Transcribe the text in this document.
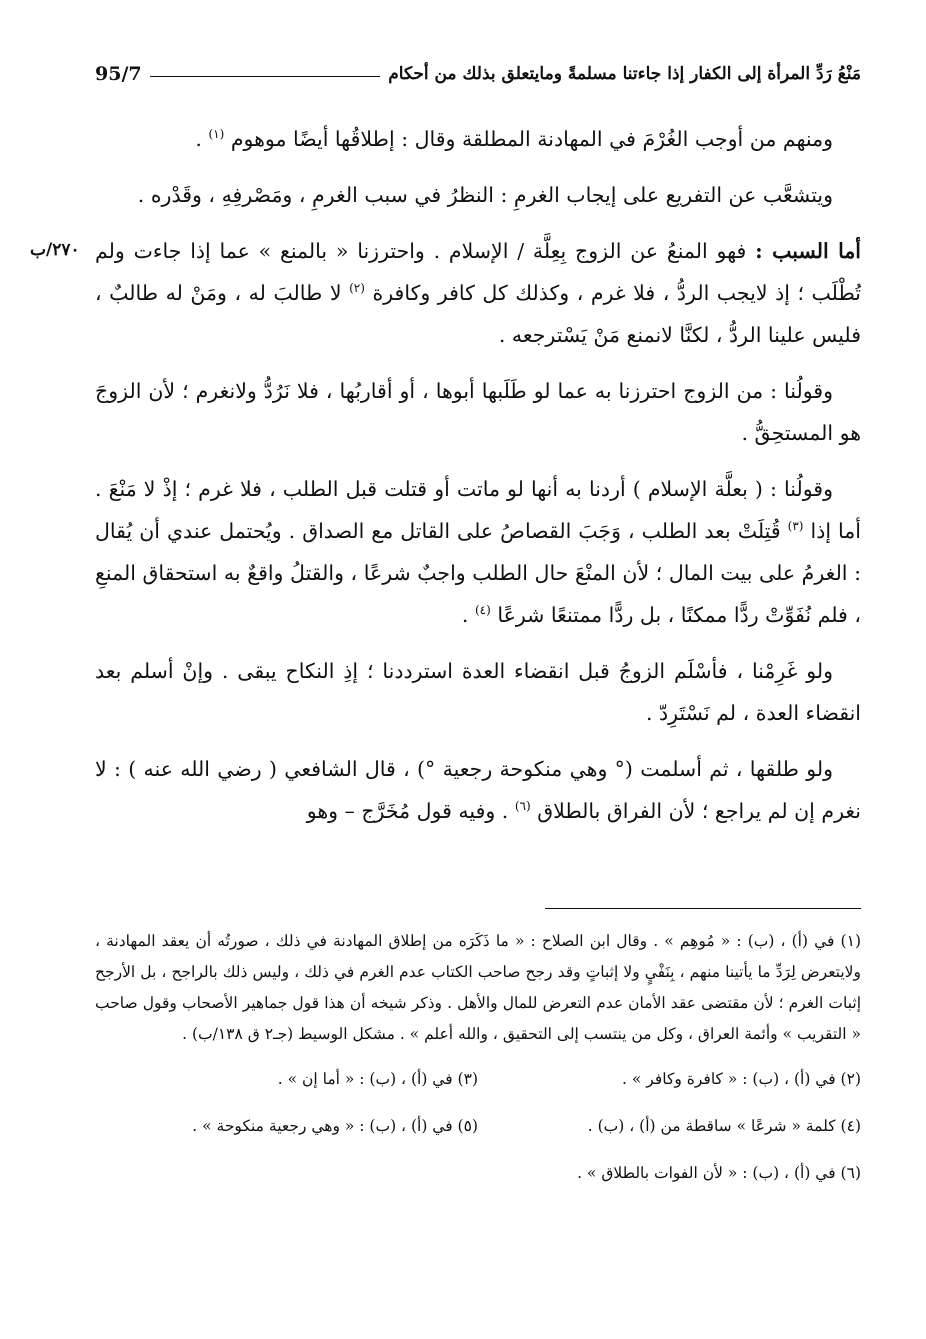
مَنْعُ رَدِّ المرأة إلى الكفار إذا جاءتنا مسلمةً ومايتعلق بذلك من أحكام
95/7
٢٧٠/ب

ومنهم من أوجب الغُرْمَ في المهادنة المطلقة وقال : إطلاقُها أيضًا موهوم $^{(١)}$ .

ويتشعَّب عن التفريع على إيجاب الغرمِ : النظرُ في سبب الغرمِ ، ومَصْرفِهِ ، وقَدْره .

أما السبب : فهو المنعُ عن الزوج بِعِلَّة / الإسلام . واحترزنا « بالمنع » عما إذا جاءت ولم تُطْلَب ؛ إذ لايجب الردُّ ، فلا غرم ، وكذلك كل كافر وكافرة $^{(٢)}$ لا طالبَ له ، ومَنْ له طالبٌ ، فليس علينا الردُّ ، لكنَّا لانمنع مَنْ يَسْترجعه .

وقولُنا : من الزوج احترزنا به عما لو طَلَبها أبوها ، أو أقاربُها ، فلا نَرُدُّ ولانغرم ؛ لأن الزوجَ هو المستحِقُّ .

وقولُنا : ( بعلَّة الإسلام ) أردنا به أنها لو ماتت أو قتلت قبل الطلب ، فلا غرم ؛ إذْ لا مَنْعَ . أما إذا $^{(٣)}$ قُتِلَتْ بعد الطلب ، وَجَبَ القصاصُ على القاتل مع الصداق . ويُحتمل عندي أن يُقال : الغرمُ على بيت المال ؛ لأن المنْعَ حال الطلب واجبٌ شرعًا ، والقتلُ واقعٌ به استحقاق المنعِ ، فلم نُفَوِّتْ ردًّا ممكنًا ، بل ردًّا ممتنعًا شرعًا $^{(٤)}$ .

ولو غَرِمْنا ، فأسْلَم الزوجُ قبل انقضاء العدة استرددنا ؛ إذِ النكاح يبقى . وإنْ أسلم بعد انقضاء العدة ، لم نَسْتَرِدّ .

ولو طلقها ، ثم أسلمت (° وهي منكوحة رجعية °) ، قال الشافعي ( رضي الله عنه ) : لا نغرم إن لم يراجع ؛ لأن الفراق بالطلاق $^{(٦)}$ . وفيه قول مُخَرَّج – وهو

(١) في (أ) ، (ب) : « مُوهِم » . وقال ابن الصلاح : « ما ذَكَرَه من إطلاق المهادنة في ذلك ، صورتُه أن يعقد المهادنة ، ولايتعرض لِرَدِّ ما يأتينا منهم ، بِنَفْيٍ ولا إثباتٍ وقد رجح صاحب الكتاب عدم الغرم في ذلك ، وليس ذلك بالراجح ، بل الأرجح إثبات الغرم ؛ لأن مقتضى عقد الأمان عدم التعرض للمال والأهل . وذكر شيخه أن هذا قول جماهير الأصحاب وقول صاحب « التقريب » وأئمة العراق ، وكل من ينتسب إلى التحقيق ، والله أعلم » . مشكل الوسيط (جـ٢ ق ١٣٨/ب) .

(٢) في (أ) ، (ب) : « كافرة وكافر » .
(٣) في (أ) ، (ب) : « أما إن » .
(٤) كلمة « شرعًا » ساقطة من (أ) ، (ب) .
(٥) في (أ) ، (ب) : « وهي رجعية منكوحة » .

(٦) في (أ) ، (ب) : « لأن الفوات بالطلاق » .
